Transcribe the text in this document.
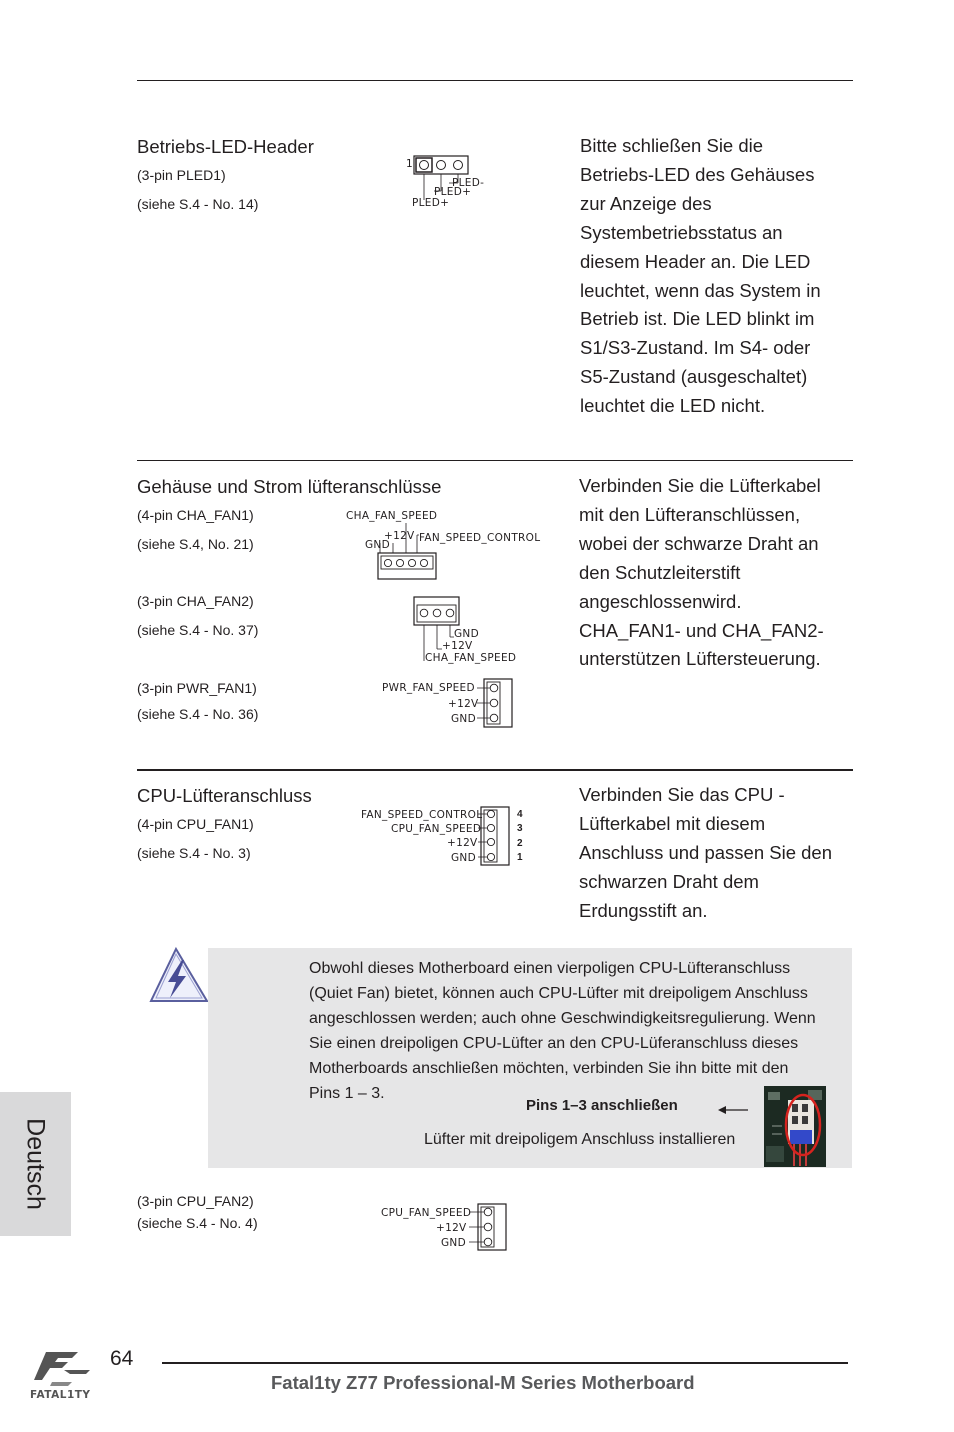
Betriebs-LED-Header
(3-pin PLED1)
(siehe S.4 - No. 14)
1
PLED-
PLED+
PLED+
Bitte schließen Sie die
Betriebs-LED des Gehäuses
zur Anzeige des
Systembetriebsstatus an
diesem Header an. Die LED
leuchtet, wenn das System in
Betrieb ist. Die LED blinkt im
S1/S3-Zustand. Im S4- oder
S5-Zustand (ausgeschaltet)
leuchtet die LED nicht.
Gehäuse und Strom lüfteranschlüsse
(4-pin CHA_FAN1)
(siehe S.4, No. 21)
(3-pin CHA_FAN2)
(siehe S.4 - No. 37)
(3-pin PWR_FAN1)
(siehe S.4 - No. 36)
CHA_FAN_SPEED
+12V FAN_SPEED_CONTROL
GND
GND
+12V
CHA_FAN_SPEED
PWR_FAN_SPEED
+12V
GND
Verbinden Sie die Lüfterkabel
mit den Lüfteranschlüssen,
wobei der schwarze Draht an
den Schutzleiterstift
angeschlossenwird.
CHA_FAN1- und CHA_FAN2-
unterstützen Lüftersteuerung.
CPU-Lüfteranschluss
(4-pin CPU_FAN1)
(siehe S.4 - No. 3)
FAN_SPEED_CONTROL
CPU_FAN_SPEED
+12V
GND
4
3
2
1
Verbinden Sie das CPU -
Lüfterkabel mit diesem
Anschluss und passen Sie den
schwarzen Draht dem
Erdungsstift an.
Obwohl dieses Motherboard einen vierpoligen CPU-Lüfteranschluss
(Quiet Fan) bietet, können auch CPU-Lüfter mit dreipoligem Anschluss
angeschlossen werden; auch ohne Geschwindigkeitsregulierung. Wenn
Sie einen dreipoligen CPU-Lüfter an den CPU-Lüferanschluss dieses
Motherboards anschließen möchten, verbinden Sie ihn bitte mit den
Pins 1 – 3.
Pins 1–3 anschließen
Lüfter mit dreipoligem Anschluss installieren
(3-pin CPU_FAN2)
(sieche S.4 - No. 4)
CPU_FAN_SPEED
+12V
GND
Deutsch
FATAL1TY
64
Fatal1ty Z77 Professional-M Series Motherboard
